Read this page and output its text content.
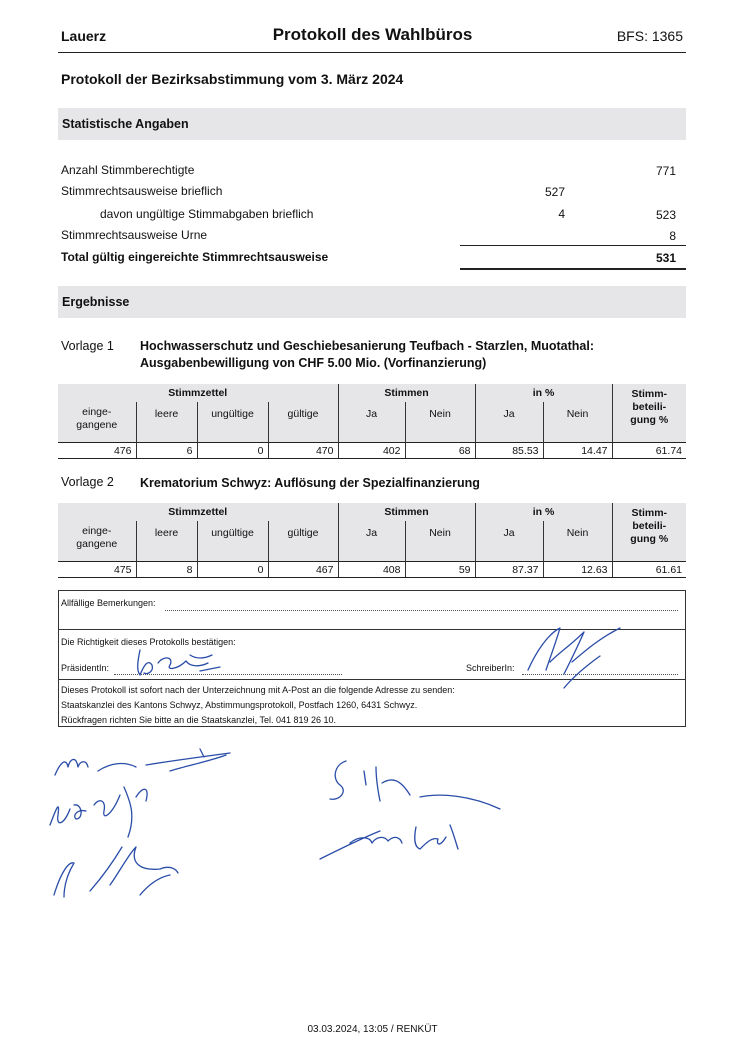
Lauerz	Protokoll des Wahlbüros	BFS: 1365
Protokoll der Bezirksabstimmung vom 3. März 2024
Statistische Angaben
Anzahl Stimmberechtigte	771
Stimmrechtsausweise brieflich	527
davon ungültige Stimmabgaben brieflich	4	523
Stimmrechtsausweise Urne	8
Total gültig eingereichte Stimmrechtsausweise	531
Ergebnisse
Vorlage 1 Hochwasserschutz und Geschiebesanierung Teufbach - Starzlen, Muotathal: Ausgabenbewilligung von CHF 5.00 Mio. (Vorfinanzierung)
Stimmzettel				Stimmen		in %		Stimm-
beteili-
gung %
einge-
gangene	leere	ungültige	gültige	Ja	Nein	Ja	Nein	
476	6	0	470	402	68	85.53	14.47	61.74
Vorlage 2 Krematorium Schwyz: Auflösung der Spezialfinanzierung
Stimmzettel				Stimmen		in %		Stimm-
beteili-
gung %
einge-
gangene	leere	ungültige	gültige	Ja	Nein	Ja	Nein	
475	8	0	467	408	59	87.37	12.63	61.61
Allfällige Bemerkungen:
Die Richtigkeit dieses Protokolls bestätigen:
PräsidentIn:	SchreiberIn:
Dieses Protokoll ist sofort nach der Unterzeichnung mit A-Post an die folgende Adresse zu senden:
Staatskanzlei des Kantons Schwyz, Abstimmungsprotokoll, Postfach 1260, 6431 Schwyz.
Rückfragen richten Sie bitte an die Staatskanzlei, Tel. 041 819 26 10.
03.03.2024, 13:05 / RENKÜT
